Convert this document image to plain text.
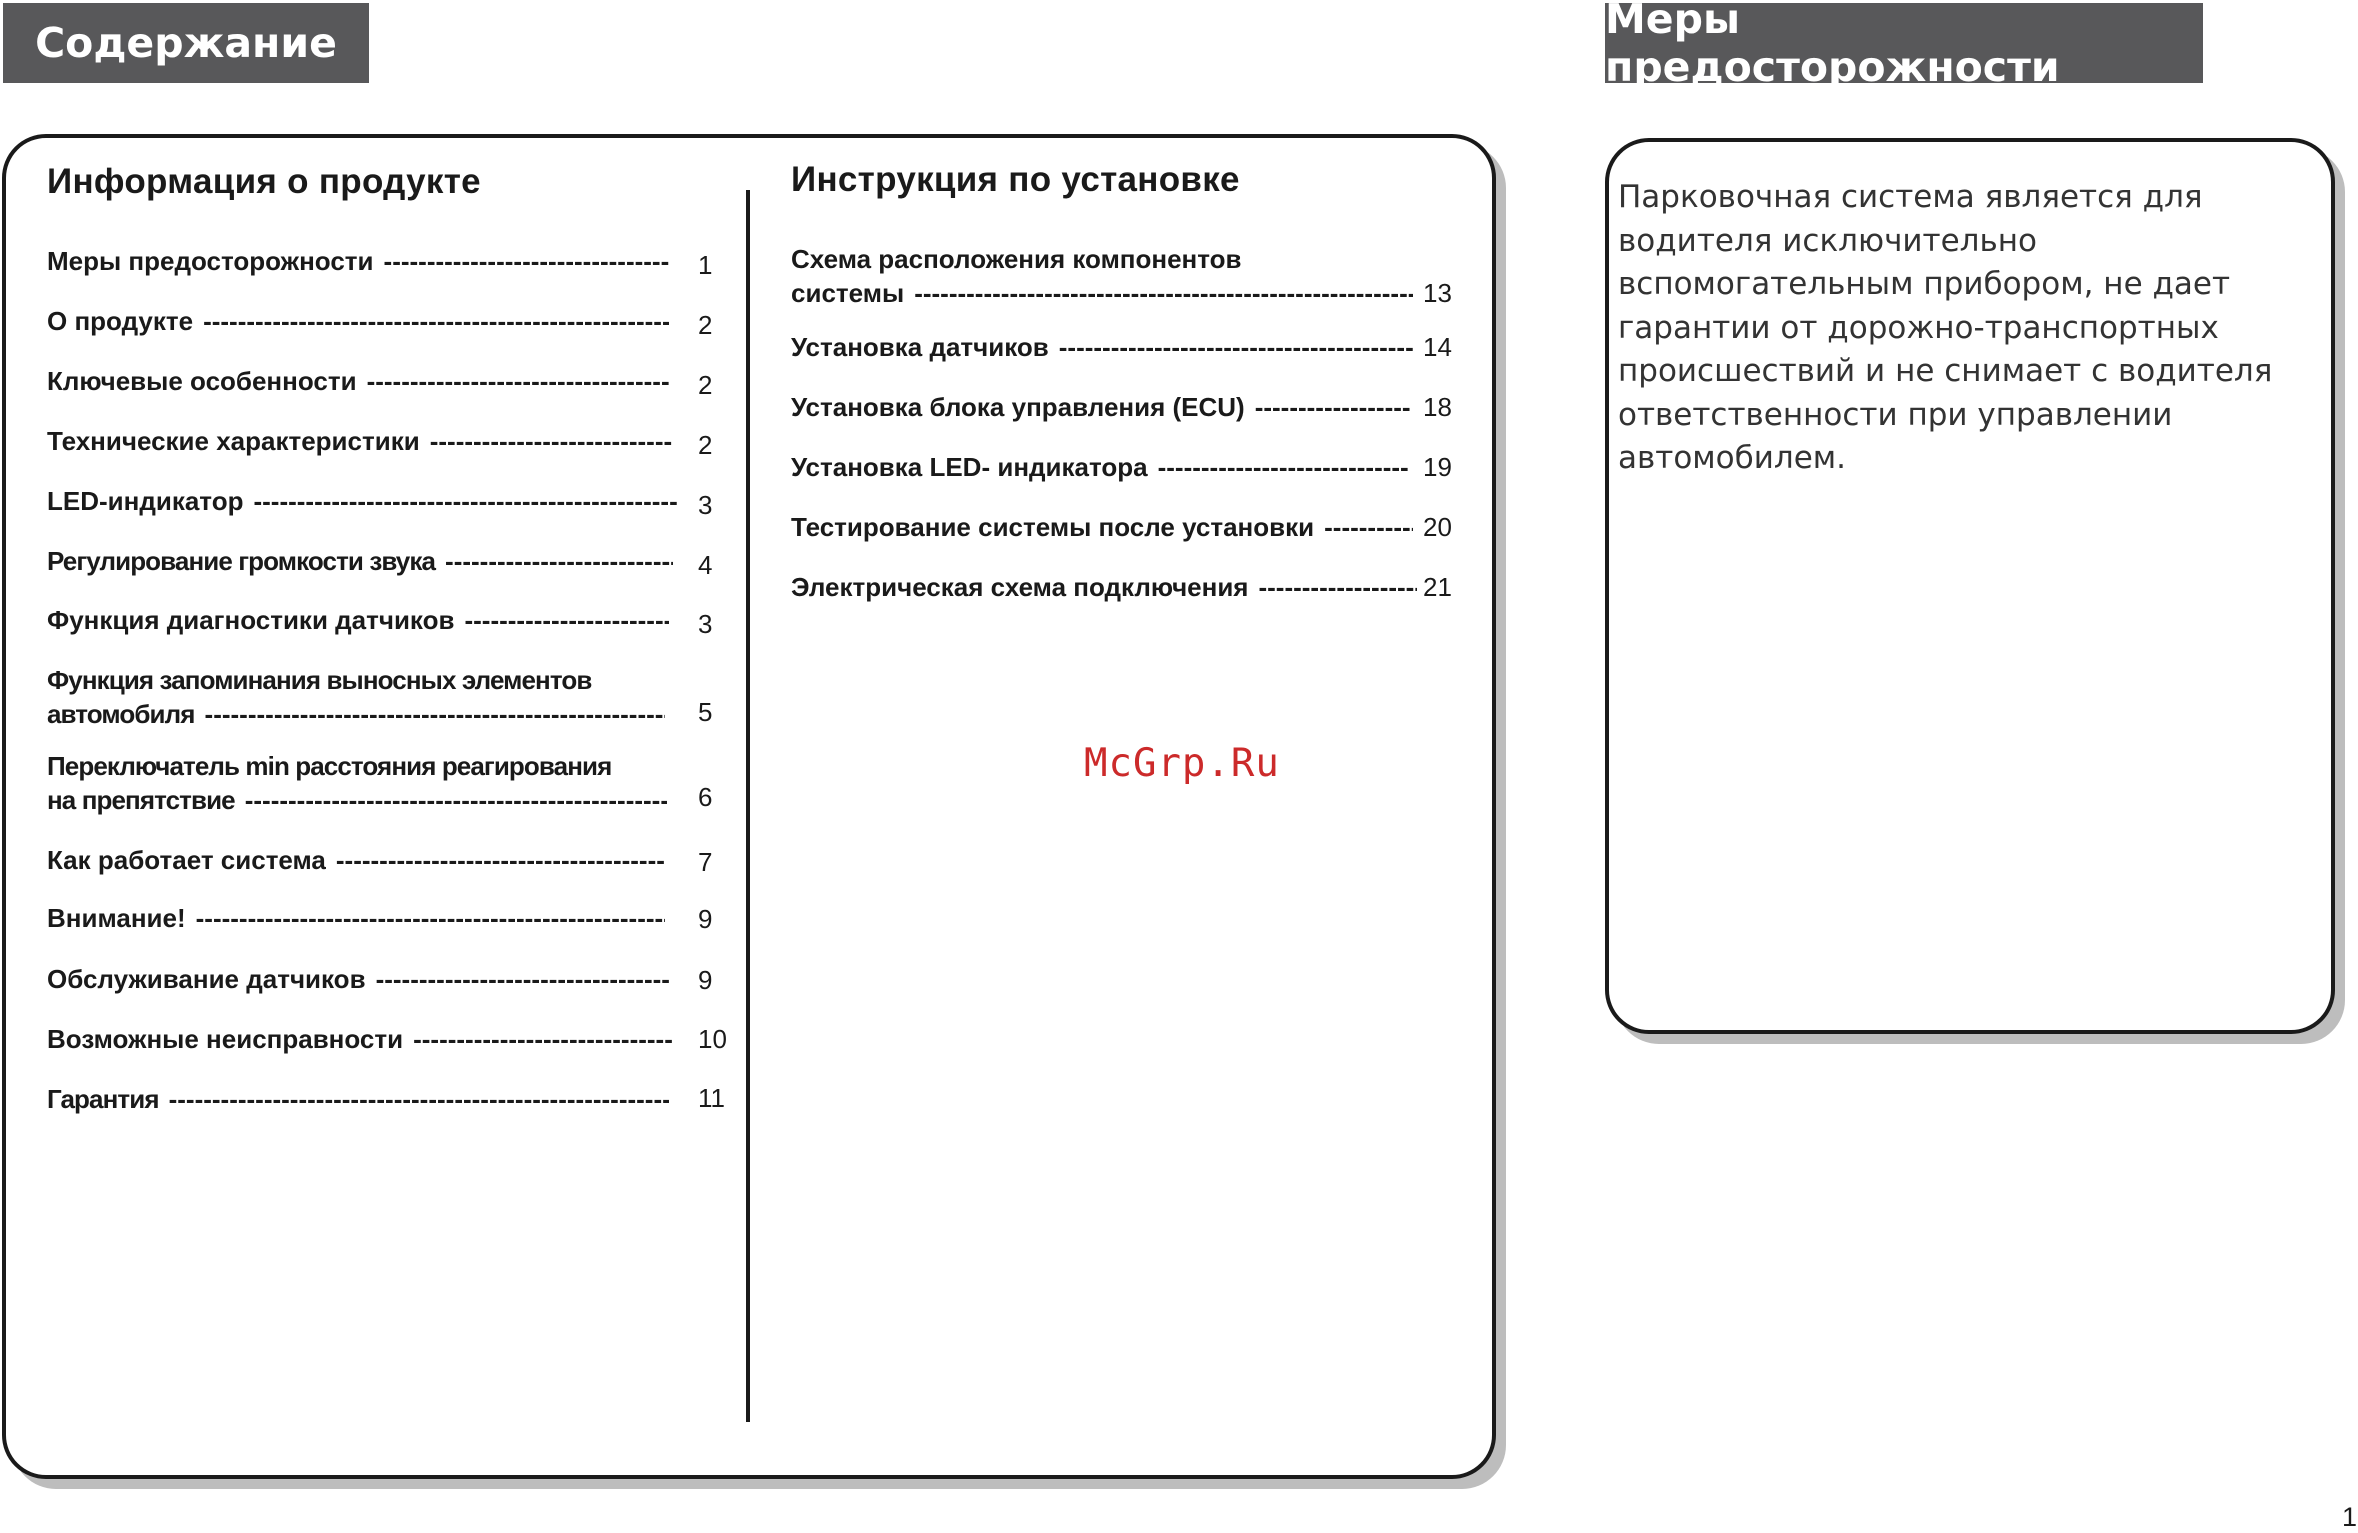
Содержание	Меры предосторожности
Информация о продукте
Меры предосторожности -----	1
О продукте -----	2
Ключевые особенности -----	2
Технические характеристики -----	2
LED-индикатор -----	3
Регулирование громкости звука -----	4
Функция диагностики датчиков -----	3
Функция запоминания выносных элементов
автомобиля -----	5
Переключатель min расстояния реагирования
на препятствие -----	6
Как работает система -----	7
Внимание! -----	9
Обслуживание датчиков -----	9
Возможные неисправности -----	10
Гарантия -----	11
Инструкция по установке
Схема расположения компонентов
системы -----	13
Установка датчиков -----	14
Установка блока управления (ECU) -----	18
Установка LED- индикатора -----	19
Тестирование системы после установки -----	20
Электрическая схема подключения -----	21
McGrp.Ru
Парковочная система является для водителя исключительно вспомогательным прибором, не дает гарантии от дорожно-транспортных происшествий и не снимает с водителя ответственности при управлении автомобилем.
1
